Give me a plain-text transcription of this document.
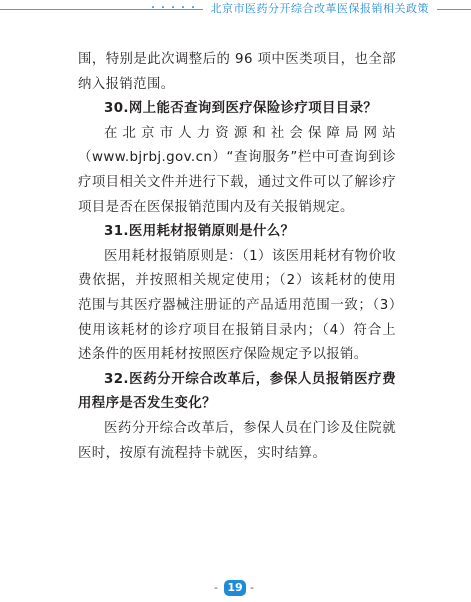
・・・・・	北京市医药分开综合改革医保报销相关政策

围，特别是此次调整后的 96 项中医类项目，也全部纳入报销范围。

30.网上能否查询到医疗保险诊疗项目目录？

在北京市人力资源和社会保障局网站（www.bjrbj.gov.cn）“查询服务”栏中可查询到诊疗项目相关文件并进行下载，通过文件可以了解诊疗项目是否在医保报销范围内及有关报销规定。

31.医用耗材报销原则是什么？

医用耗材报销原则是：（1）该医用耗材有物价收费依据，并按照相关规定使用；（2）该耗材的使用范围与其医疗器械注册证的产品适用范围一致；（3）使用该耗材的诊疗项目在报销目录内；（4）符合上述条件的医用耗材按照医疗保险规定予以报销。

32.医药分开综合改革后，参保人员报销医疗费用程序是否发生变化？

医药分开综合改革后，参保人员在门诊及住院就医时，按原有流程持卡就医，实时结算。

- 19 -
